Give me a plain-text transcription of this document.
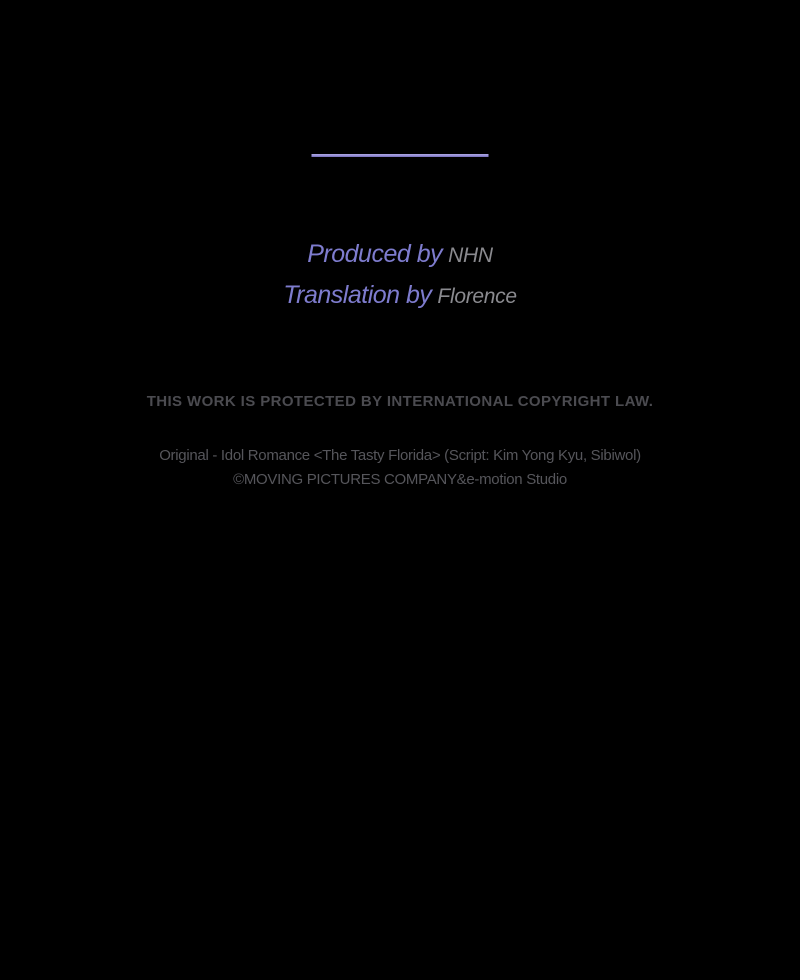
Produced by NHN
Translation by Florence
THIS WORK IS PROTECTED BY INTERNATIONAL COPYRIGHT LAW.
Original - Idol Romance <The Tasty Florida> (Script: Kim Yong Kyu, Sibiwol)
©MOVING PICTURES COMPANY&e-motion Studio
